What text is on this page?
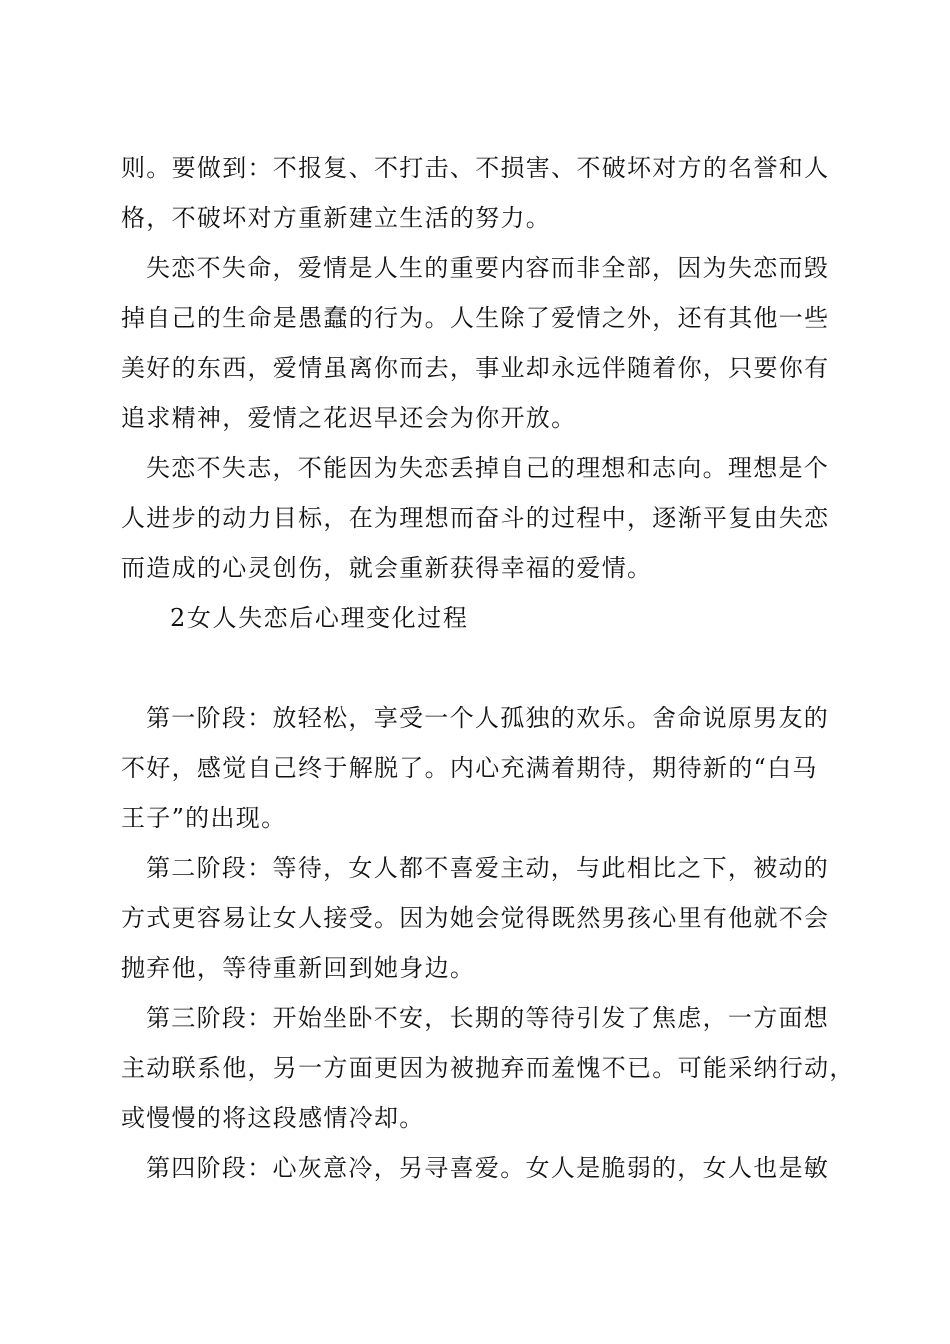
则。要做到：不报复、不打击、不损害、不破坏对方的名誉和人
格，不破坏对方重新建立生活的努力。
失恋不失命，爱情是人生的重要内容而非全部，因为失恋而毁
掉自己的生命是愚蠢的行为。人生除了爱情之外，还有其他一些
美好的东西，爱情虽离你而去，事业却永远伴随着你，只要你有
追求精神，爱情之花迟早还会为你开放。
失恋不失志，不能因为失恋丢掉自己的理想和志向。理想是个
人进步的动力目标，在为理想而奋斗的过程中，逐渐平复由失恋
而造成的心灵创伤，就会重新获得幸福的爱情。
2女人失恋后心理变化过程
第一阶段：放轻松，享受一个人孤独的欢乐。舍命说原男友的
不好，感觉自己终于解脱了。内心充满着期待，期待新的“白马
王子”的出现。
第二阶段：等待，女人都不喜爱主动，与此相比之下，被动的
方式更容易让女人接受。因为她会觉得既然男孩心里有他就不会
抛弃他，等待重新回到她身边。
第三阶段：开始坐卧不安，长期的等待引发了焦虑，一方面想
主动联系他，另一方面更因为被抛弃而羞愧不已。可能采纳行动，
或慢慢的将这段感情冷却。
第四阶段：心灰意冷，另寻喜爱。女人是脆弱的，女人也是敏
